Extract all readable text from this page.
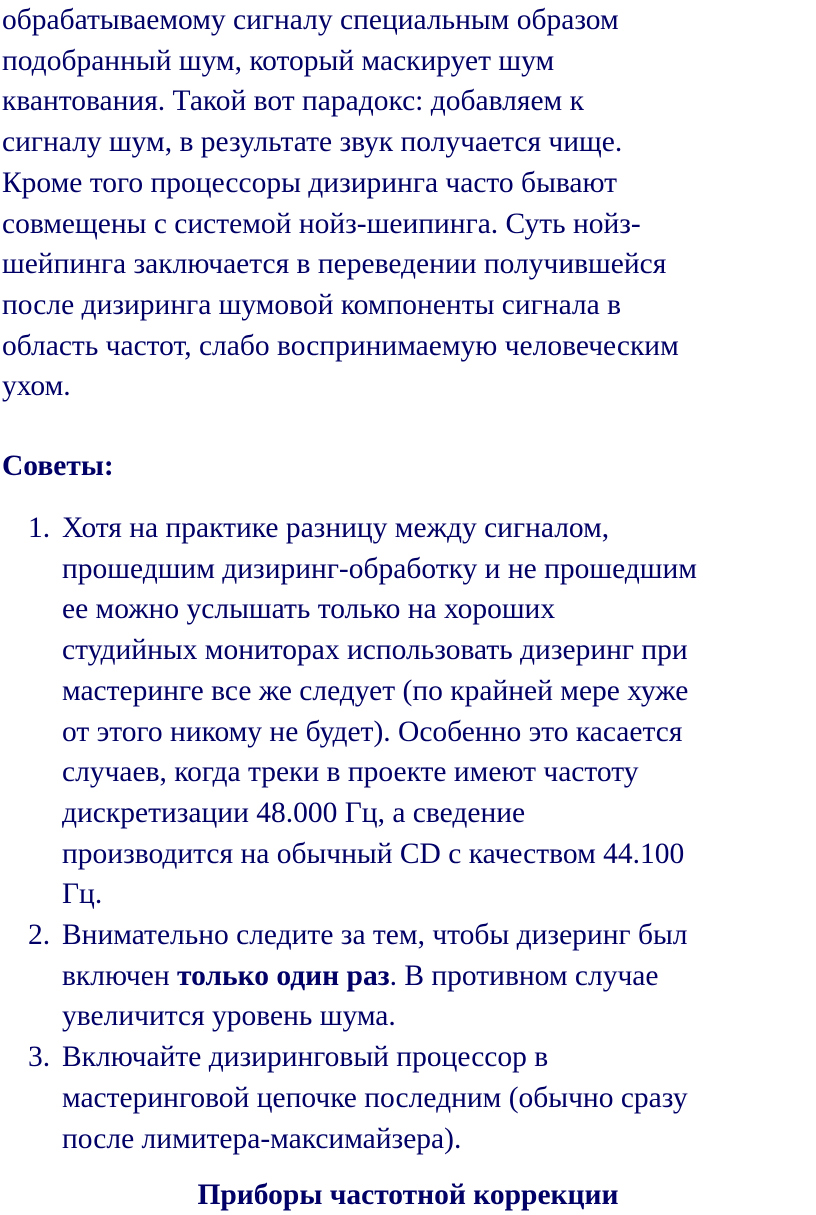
обрабатываемому сигналу специальным образом
подобранный шум, который маскирует шум
квантования. Такой вот парадокс: добавляем к
сигналу шум, в результате звук получается чище.
Кроме того процессоры дизиринга часто бывают
совмещены с системой нойз-шеипинга. Суть нойз-
шейпинга заключается в переведении получившейся
после дизиринга шумовой компоненты сигнала в
область частот, слабо воспринимаемую человеческим
ухом.

Советы:
1. Хотя на практике разницу между сигналом,
прошедшим дизиринг-обработку и не прошедшим
ее можно услышать только на хороших
студийных мониторах использовать дизеринг при
мастеринге все же следует (по крайней мере хуже
от этого никому не будет). Особенно это касается
случаев, когда треки в проекте имеют частоту
дискретизации 48.000 Гц, а сведение
производится на обычный CD с качеством 44.100
Гц.
2. Внимательно следите за тем, чтобы дизеринг был
включен только один раз. В противном случае
увеличится уровень шума.
3. Включайте дизиринговый процессор в
мастеринговой цепочке последним (обычно сразу
после лимитера-максимайзера).
Приборы частотной коррекции
